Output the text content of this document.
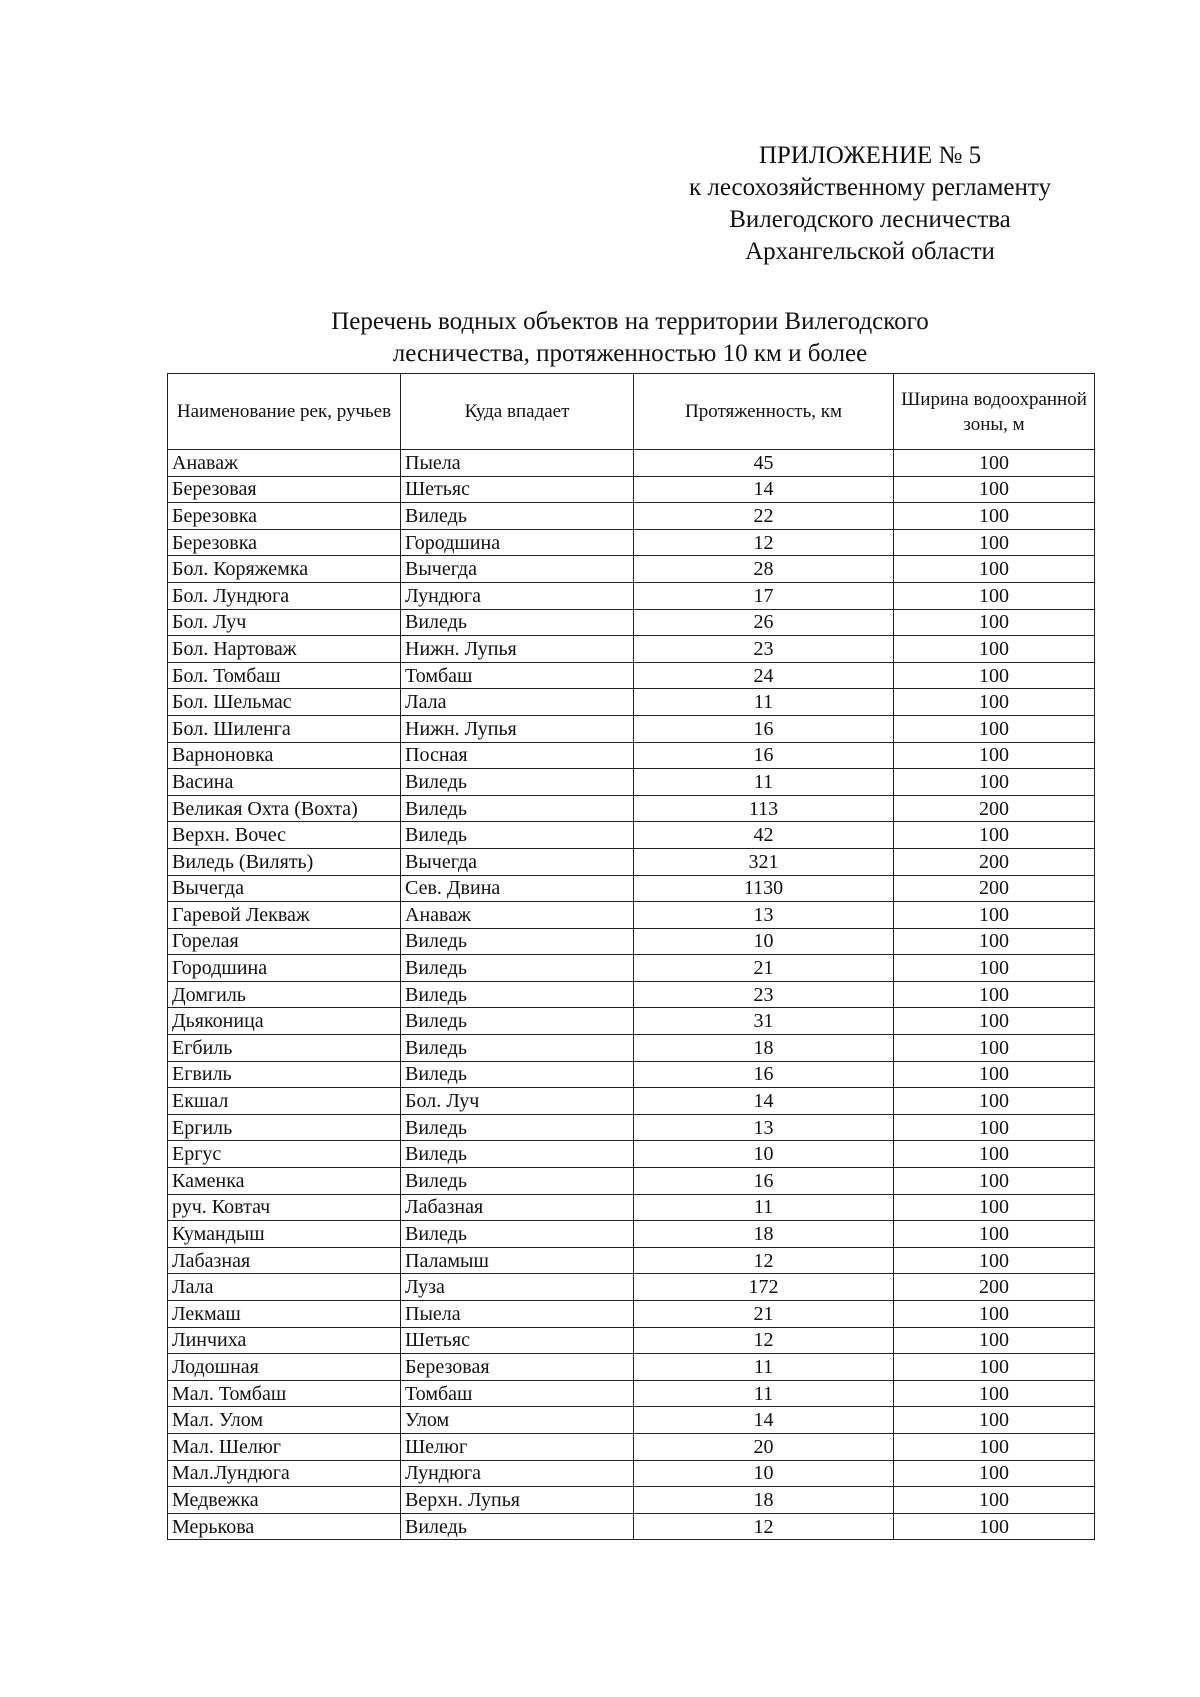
ПРИЛОЖЕНИЕ № 5
к лесохозяйственному регламенту
Вилегодского лесничества
Архангельской области
Перечень водных объектов на территории Вилегодского
лесничества, протяженностью 10 км и более
Наименование рек, ручьев	Куда впадает	Протяженность, км	Ширина водоохранной зоны, м
Анаваж	Пыела	45	100
Березовая	Шетьяс	14	100
Березовка	Виледь	22	100
Березовка	Городшина	12	100
Бол. Коряжемка	Вычегда	28	100
Бол. Лундюга	Лундюга	17	100
Бол. Луч	Виледь	26	100
Бол. Нартоваж	Нижн. Лупья	23	100
Бол. Томбаш	Томбаш	24	100
Бол. Шельмас	Лала	11	100
Бол. Шиленга	Нижн. Лупья	16	100
Варноновка	Посная	16	100
Васина	Виледь	11	100
Великая Охта (Вохта)	Виледь	113	200
Верхн. Вочес	Виледь	42	100
Виледь (Вилять)	Вычегда	321	200
Вычегда	Сев. Двина	1130	200
Гаревой Лекваж	Анаваж	13	100
Горелая	Виледь	10	100
Городшина	Виледь	21	100
Домгиль	Виледь	23	100
Дьяконица	Виледь	31	100
Егбиль	Виледь	18	100
Егвиль	Виледь	16	100
Екшал	Бол. Луч	14	100
Ергиль	Виледь	13	100
Ергус	Виледь	10	100
Каменка	Виледь	16	100
руч. Ковтач	Лабазная	11	100
Кумандыш	Виледь	18	100
Лабазная	Паламыш	12	100
Лала	Луза	172	200
Лекмаш	Пыела	21	100
Линчиха	Шетьяс	12	100
Лодошная	Березовая	11	100
Мал. Томбаш	Томбаш	11	100
Мал. Улом	Улом	14	100
Мал. Шелюг	Шелюг	20	100
Мал.Лундюга	Лундюга	10	100
Медвежка	Верхн. Лупья	18	100
Мерькова	Виледь	12	100
